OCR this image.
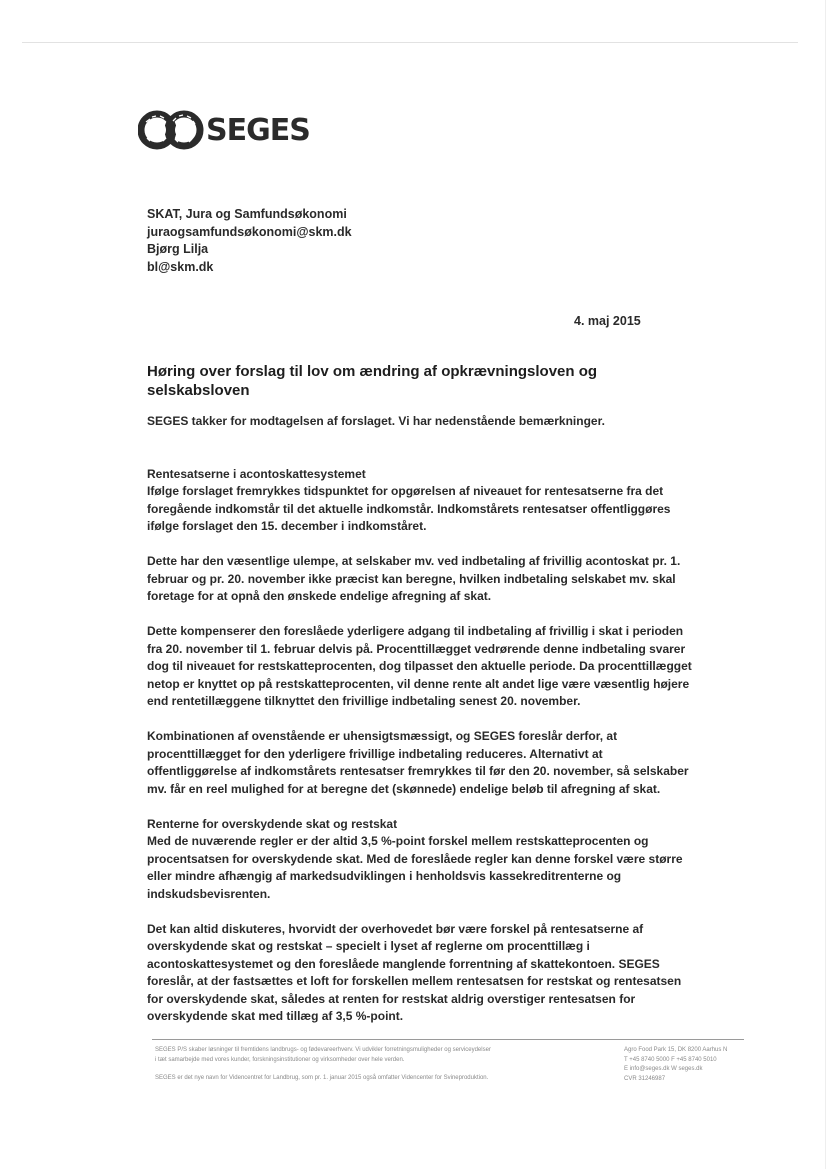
SEGES
SKAT, Jura og Samfundsøkonomi
juraogsamfundsøkonomi@skm.dk
Bjørg Lilja
bl@skm.dk
4. maj 2015
Høring over forslag til lov om ændring af opkrævningsloven og selskabsloven

SEGES takker for modtagelsen af forslaget. Vi har nedenstående bemærkninger.

Rentesatserne i acontoskattesystemet

Ifølge forslaget fremrykkes tidspunktet for opgørelsen af niveauet for rentesatserne fra det foregående indkomstår til det aktuelle indkomstår. Indkomstårets rentesatser offentliggøres ifølge forslaget den 15. december i indkomståret.

Dette har den væsentlige ulempe, at selskaber mv. ved indbetaling af frivillig acontoskat pr. 1. februar og pr. 20. november ikke præcist kan beregne, hvilken indbetaling selskabet mv. skal foretage for at opnå den ønskede endelige afregning af skat.

Dette kompenserer den foreslåede yderligere adgang til indbetaling af frivillig i skat i perioden fra 20. november til 1. februar delvis på. Procenttillægget vedrørende denne indbetaling svarer dog til niveauet for restskatteprocenten, dog tilpasset den aktuelle periode. Da procenttillægget netop er knyttet op på restskatteprocenten, vil denne rente alt andet lige være væsentlig højere end rentetillæggene tilknyttet den frivillige indbetaling senest 20. november.

Kombinationen af ovenstående er uhensigtsmæssigt, og SEGES foreslår derfor, at procenttillægget for den yderligere frivillige indbetaling reduceres. Alternativt at offentliggørelse af indkomstårets rentesatser fremrykkes til før den 20. november, så selskaber mv. får en reel mulighed for at beregne det (skønnede) endelige beløb til afregning af skat.

Renterne for overskydende skat og restskat

Med de nuværende regler er der altid 3,5 %-point forskel mellem restskatteprocenten og procentsatsen for overskydende skat. Med de foreslåede regler kan denne forskel være større eller mindre afhængig af markedsudviklingen i henholdsvis kassekreditrenterne og indskudsbevisrenten.

Det kan altid diskuteres, hvorvidt der overhovedet bør være forskel på rentesatserne af overskydende skat og restskat – specielt i lyset af reglerne om procenttillæg i acontoskattesystemet og den foreslåede manglende forrentning af skattekontoen. SEGES foreslår, at der fastsættes et loft for forskellen mellem rentesatsen for restskat og rentesatsen for overskydende skat, således at renten for restskat aldrig overstiger rentesatsen for overskydende skat med tillæg af 3,5 %-point.

SEGES P/S skaber løsninger til fremtidens landbrugs- og fødevareerhverv. Vi udvikler forretningsmuligheder og serviceydelser
i tæt samarbejde med vores kunder, forskningsinstitutioner og virksomheder over hele verden.
SEGES er det nye navn for Videncentret for Landbrug, som pr. 1. januar 2015 også omfatter Videncenter for Svineproduktion.
Agro Food Park 15, DK 8200 Aarhus N
T +45 8740 5000 F +45 8740 5010
E info@seges.dk W seges.dk
CVR 31246987
